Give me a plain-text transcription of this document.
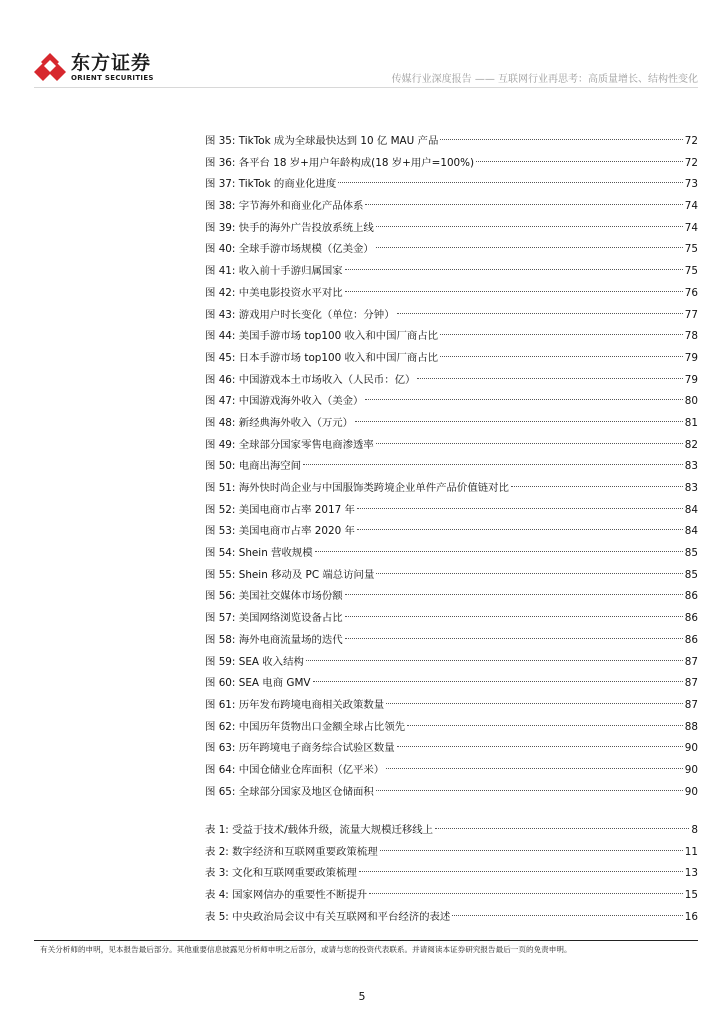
东方证券
ORIENT SECURITIES	传媒行业深度报告 —— 互联网行业再思考：高质量增长、结构性变化
图 35: TikTok 成为全球最快达到 10 亿 MAU 产品	72
图 36: 各平台 18 岁+用户年龄构成(18 岁+用户=100%)	72
图 37: TikTok 的商业化进度	73
图 38: 字节海外和商业化产品体系	74
图 39: 快手的海外广告投放系统上线	74
图 40: 全球手游市场规模（亿美金）	75
图 41: 收入前十手游归属国家	75
图 42: 中美电影投资水平对比	76
图 43: 游戏用户时长变化（单位：分钟）	77
图 44: 美国手游市场 top100 收入和中国厂商占比	78
图 45: 日本手游市场 top100 收入和中国厂商占比	79
图 46: 中国游戏本土市场收入（人民币：亿）	79
图 47: 中国游戏海外收入（美金）	80
图 48: 新经典海外收入（万元）	81
图 49: 全球部分国家零售电商渗透率	82
图 50: 电商出海空间	83
图 51: 海外快时尚企业与中国服饰类跨境企业单件产品价值链对比	83
图 52: 美国电商市占率 2017 年	84
图 53: 美国电商市占率 2020 年	84
图 54: Shein 营收规模	85
图 55: Shein 移动及 PC 端总访问量	85
图 56: 美国社交媒体市场份额	86
图 57: 美国网络浏览设备占比	86
图 58: 海外电商流量场的迭代	86
图 59: SEA 收入结构	87
图 60: SEA 电商 GMV	87
图 61: 历年发布跨境电商相关政策数量	87
图 62: 中国历年货物出口金额全球占比领先	88
图 63: 历年跨境电子商务综合试验区数量	90
图 64: 中国仓储业仓库面积（亿平米）	90
图 65: 全球部分国家及地区仓储面积	90
表 1: 受益于技术/载体升级，流量大规模迁移线上	8
表 2: 数字经济和互联网重要政策梳理	11
表 3: 文化和互联网重要政策梳理	13
表 4: 国家网信办的重要性不断提升	15
表 5: 中央政治局会议中有关互联网和平台经济的表述	16
有关分析师的申明，见本报告最后部分。其他重要信息披露见分析师申明之后部分，或请与您的投资代表联系。并请阅读本证券研究报告最后一页的免责申明。
5
